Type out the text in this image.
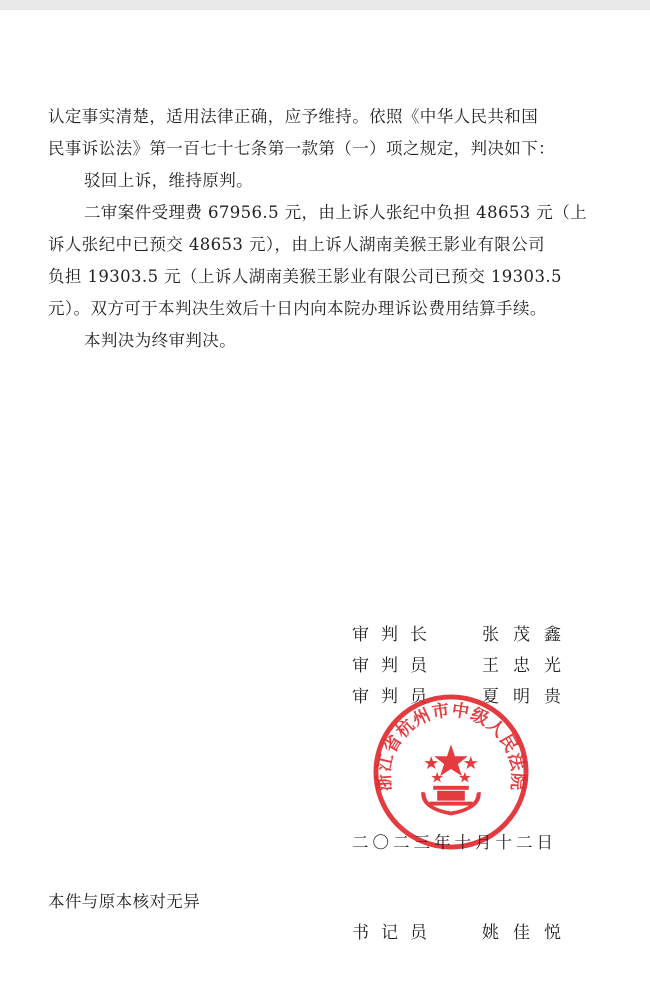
认定事实清楚，适用法律正确，应予维持。依照《中华人民共和国

民事诉讼法》第一百七十七条第一款第（一）项之规定，判决如下：

驳回上诉，维持原判。

二审案件受理费 67956.5 元，由上诉人张纪中负担 48653 元（上

诉人张纪中已预交 48653 元），由上诉人湖南美猴王影业有限公司

负担 19303.5 元（上诉人湖南美猴王影业有限公司已预交 19303.5

元）。双方可于本判决生效后十日内向本院办理诉讼费用结算手续。

本判决为终审判决。

审判长	张茂鑫
审判员	王忠光
审判员	夏明贵
浙江省杭州市中级人民法院
二〇二三年十月十二日
本件与原本核对无异
书记员	姚佳悦
